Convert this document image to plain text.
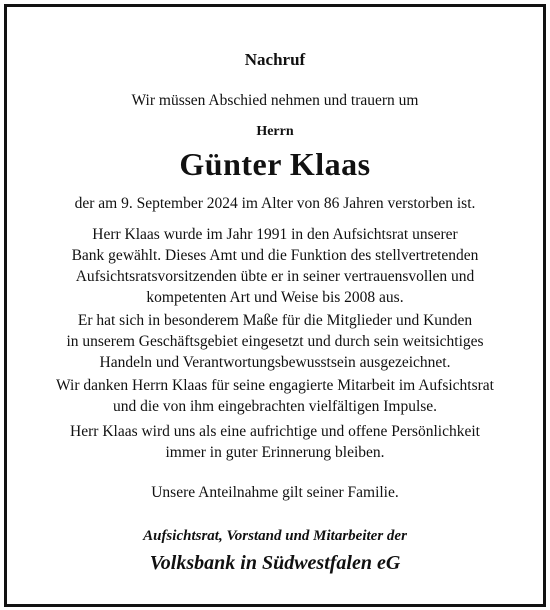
Nachruf
Wir müssen Abschied nehmen und trauern um
Herrn
Günter Klaas
der am 9. September 2024 im Alter von 86 Jahren verstorben ist.
Herr Klaas wurde im Jahr 1991 in den Aufsichtsrat unserer
Bank gewählt. Dieses Amt und die Funktion des stellvertretenden
Aufsichtsratsvorsitzenden übte er in seiner vertrauensvollen und
kompetenten Art und Weise bis 2008 aus.
Er hat sich in besonderem Maße für die Mitglieder und Kunden
in unserem Geschäftsgebiet eingesetzt und durch sein weitsichtiges
Handeln und Verantwortungsbewusstsein ausgezeichnet.
Wir danken Herrn Klaas für seine engagierte Mitarbeit im Aufsichtsrat
und die von ihm eingebrachten vielfältigen Impulse.
Herr Klaas wird uns als eine aufrichtige und offene Persönlichkeit
immer in guter Erinnerung bleiben.
Unsere Anteilnahme gilt seiner Familie.
Aufsichtsrat, Vorstand und Mitarbeiter der
Volksbank in Südwestfalen eG
